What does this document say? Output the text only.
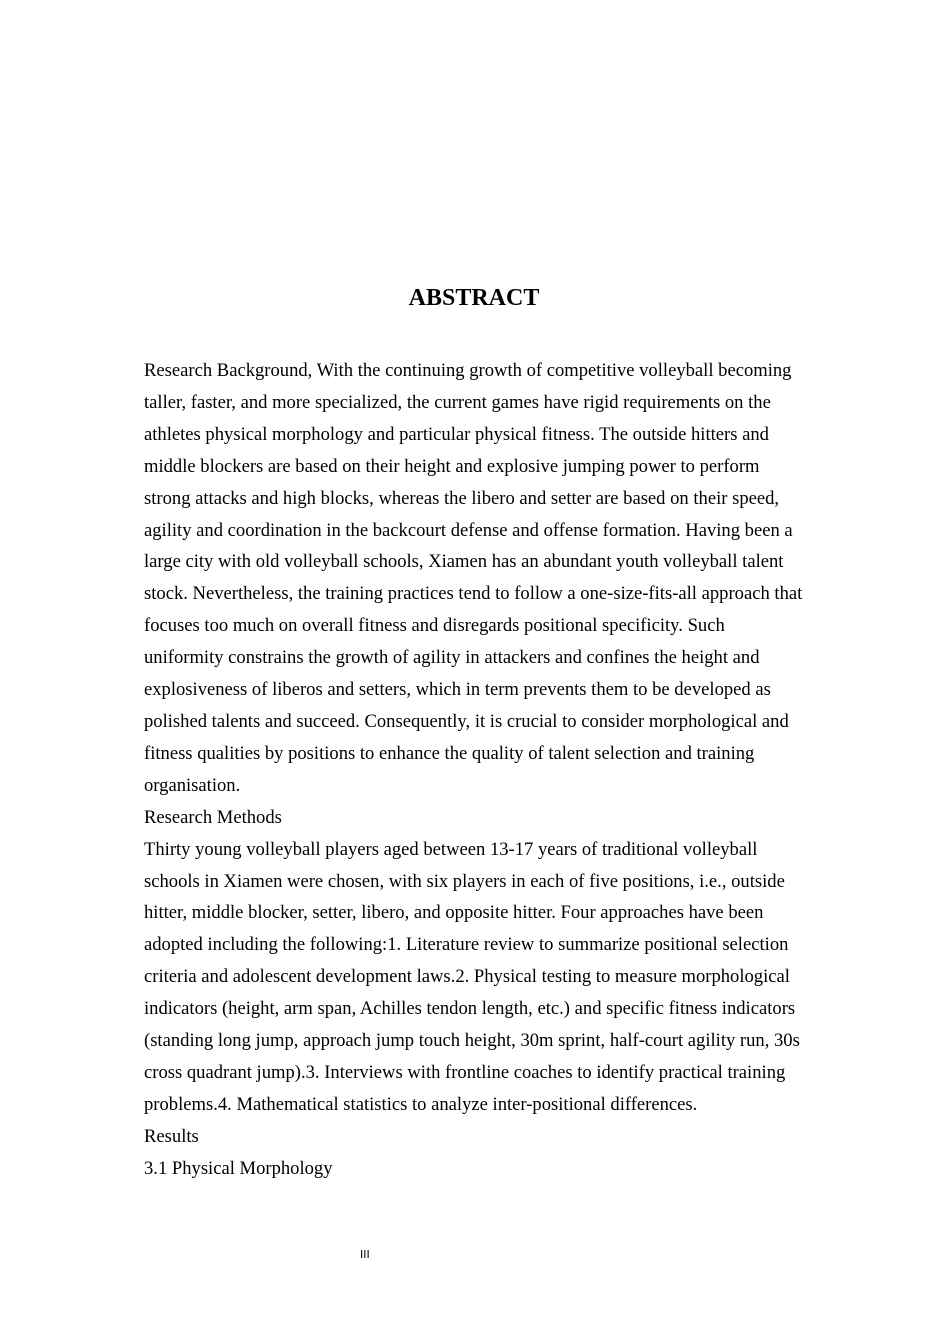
ABSTRACT

Research Background, With the continuing growth of competitive volleyball becoming taller, faster, and more specialized, the current games have rigid requirements on the athletes physical morphology and particular physical fitness. The outside hitters and middle blockers are based on their height and explosive jumping power to perform strong attacks and high blocks, whereas the libero and setter are based on their speed, agility and coordination in the backcourt defense and offense formation. Having been a large city with old volleyball schools, Xiamen has an abundant youth volleyball talent stock. Nevertheless, the training practices tend to follow a one-size-fits-all approach that focuses too much on overall fitness and disregards positional specificity. Such uniformity constrains the growth of agility in attackers and confines the height and explosiveness of liberos and setters, which in term prevents them to be developed as polished talents and succeed. Consequently, it is crucial to consider morphological and fitness qualities by positions to enhance the quality of talent selection and training organisation.

Research Methods

Thirty young volleyball players aged between 13-17 years of traditional volleyball schools in Xiamen were chosen, with six players in each of five positions, i.e., outside hitter, middle blocker, setter, libero, and opposite hitter. Four approaches have been adopted including the following:1. Literature review to summarize positional selection criteria and adolescent development laws.2. Physical testing to measure morphological indicators (height, arm span, Achilles tendon length, etc.) and specific fitness indicators (standing long jump, approach jump touch height, 30m sprint, half-court agility run, 30s cross quadrant jump).3. Interviews with frontline coaches to identify practical training problems.4. Mathematical statistics to analyze inter-positional differences.

Results

3.1 Physical Morphology

III
